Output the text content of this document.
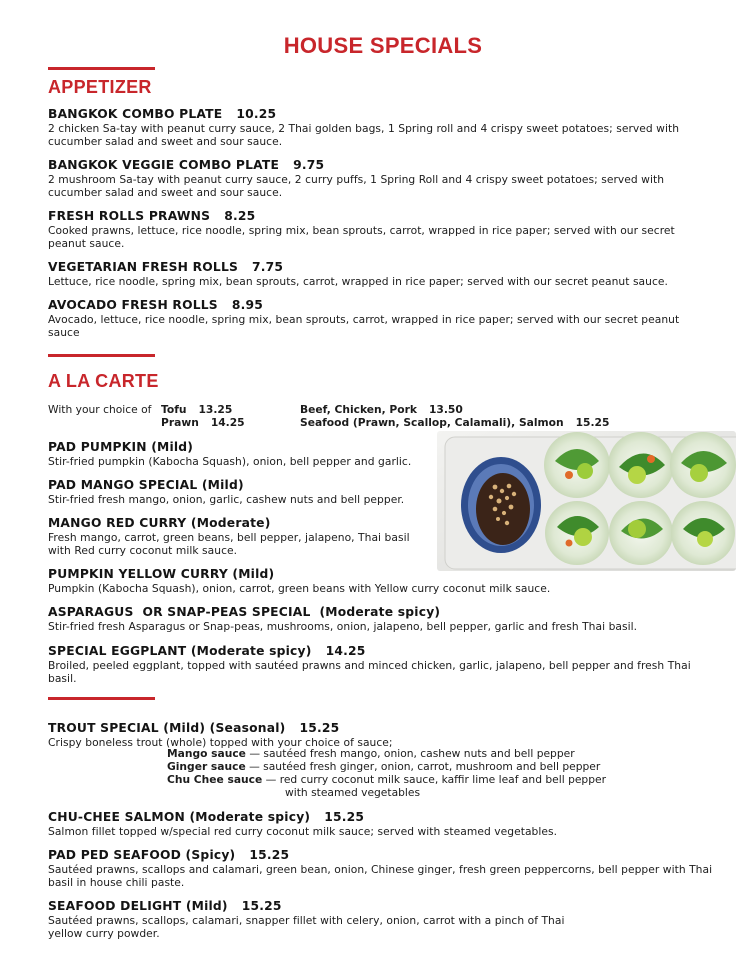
HOUSE SPECIALS
APPETIZER
BANGKOK COMBO PLATE 10.25
2 chicken Sa-tay with peanut curry sauce, 2 Thai golden bags, 1 Spring roll and 4 crispy sweet potatoes; served with cucumber salad and sweet and sour sauce.
BANGKOK VEGGIE COMBO PLATE 9.75
2 mushroom Sa-tay with peanut curry sauce, 2 curry puffs, 1 Spring Roll and 4 crispy sweet potatoes; served with cucumber salad and sweet and sour sauce.
FRESH ROLLS PRAWNS 8.25
Cooked prawns, lettuce, rice noodle, spring mix, bean sprouts, carrot, wrapped in rice paper; served with our secret peanut sauce.
VEGETARIAN FRESH ROLLS 7.75
Lettuce, rice noodle, spring mix, bean sprouts, carrot, wrapped in rice paper; served with our secret peanut sauce.
AVOCADO FRESH ROLLS 8.95
Avocado, lettuce, rice noodle, spring mix, bean sprouts, carrot, wrapped in rice paper; served with our secret peanut sauce
A LA CARTE
With your choice of Tofu 13.25
Prawn 14.25
Beef, Chicken, Pork 13.50
Seafood (Prawn, Scallop, Calamali), Salmon 15.25
PAD PUMPKIN (Mild)
Stir-fried pumpkin (Kabocha Squash), onion, bell pepper and garlic.
PAD MANGO SPECIAL (Mild)
Stir-fried fresh mango, onion, garlic, cashew nuts and bell pepper.
MANGO RED CURRY (Moderate)
Fresh mango, carrot, green beans, bell pepper, jalapeno, Thai basil with Red curry coconut milk sauce.
PUMPKIN YELLOW CURRY (Mild)
Pumpkin (Kabocha Squash), onion, carrot, green beans with Yellow curry coconut milk sauce.
ASPARAGUS  OR SNAP-PEAS SPECIAL  (Moderate spicy)
Stir-fried fresh Asparagus or Snap-peas, mushrooms, onion, jalapeno, bell pepper, garlic and fresh Thai basil.
SPECIAL EGGPLANT (Moderate spicy) 14.25
Broiled, peeled eggplant, topped with sautéed prawns and minced chicken, garlic, jalapeno, bell pepper and fresh Thai basil.
TROUT SPECIAL (Mild) (Seasonal) 15.25
Crispy boneless trout (whole) topped with your choice of sauce;
Mango sauce — sautéed fresh mango, onion, cashew nuts and bell pepper
Ginger sauce — sautéed fresh ginger, onion, carrot, mushroom and bell pepper
Chu Chee sauce — red curry coconut milk sauce, kaffir lime leaf and bell pepper
with steamed vegetables
CHU-CHEE SALMON (Moderate spicy) 15.25
Salmon fillet topped w/special red curry coconut milk sauce; served with steamed vegetables.
PAD PED SEAFOOD (Spicy) 15.25
Sautéed prawns, scallops and calamari, green bean, onion, Chinese ginger, fresh green peppercorns, bell pepper with Thai basil in house chili paste.
SEAFOOD DELIGHT (Mild) 15.25
Sautéed prawns, scallops, calamari, snapper fillet with celery, onion, carrot with a pinch of Thai yellow curry powder.
